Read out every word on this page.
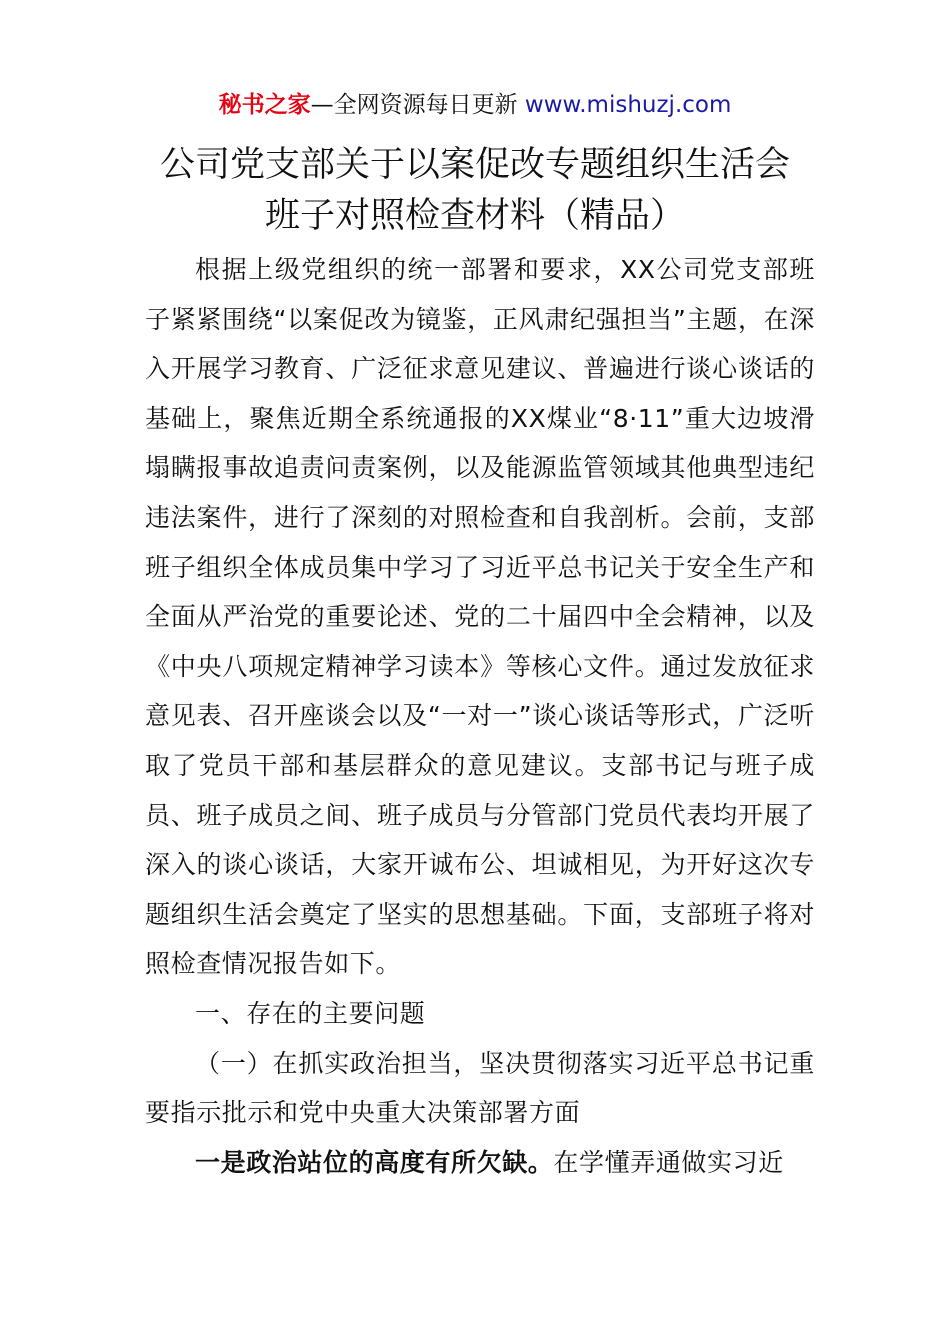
秘书之家—全网资源每日更新 www.mishuzj.com
公司党支部关于以案促改专题组织生活会
班子对照检查材料（精品）

根据上级党组织的统一部署和要求，XX公司党支部班子紧紧围绕“以案促改为镜鉴，正风肃纪强担当”主题，在深入开展学习教育、广泛征求意见建议、普遍进行谈心谈话的基础上，聚焦近期全系统通报的XX煤业“8·11”重大边坡滑塌瞒报事故追责问责案例，以及能源监管领域其他典型违纪违法案件，进行了深刻的对照检查和自我剖析。会前，支部班子组织全体成员集中学习了习近平总书记关于安全生产和全面从严治党的重要论述、党的二十届四中全会精神，以及《中央八项规定精神学习读本》等核心文件。通过发放征求意见表、召开座谈会以及“一对一”谈心谈话等形式，广泛听取了党员干部和基层群众的意见建议。支部书记与班子成员、班子成员之间、班子成员与分管部门党员代表均开展了深入的谈心谈话，大家开诚布公、坦诚相见，为开好这次专题组织生活会奠定了坚实的思想基础。下面，支部班子将对照检查情况报告如下。

一、存在的主要问题

（一）在抓实政治担当，坚决贯彻落实习近平总书记重要指示批示和党中央重大决策部署方面

一是政治站位的高度有所欠缺。在学懂弄通做实习近
